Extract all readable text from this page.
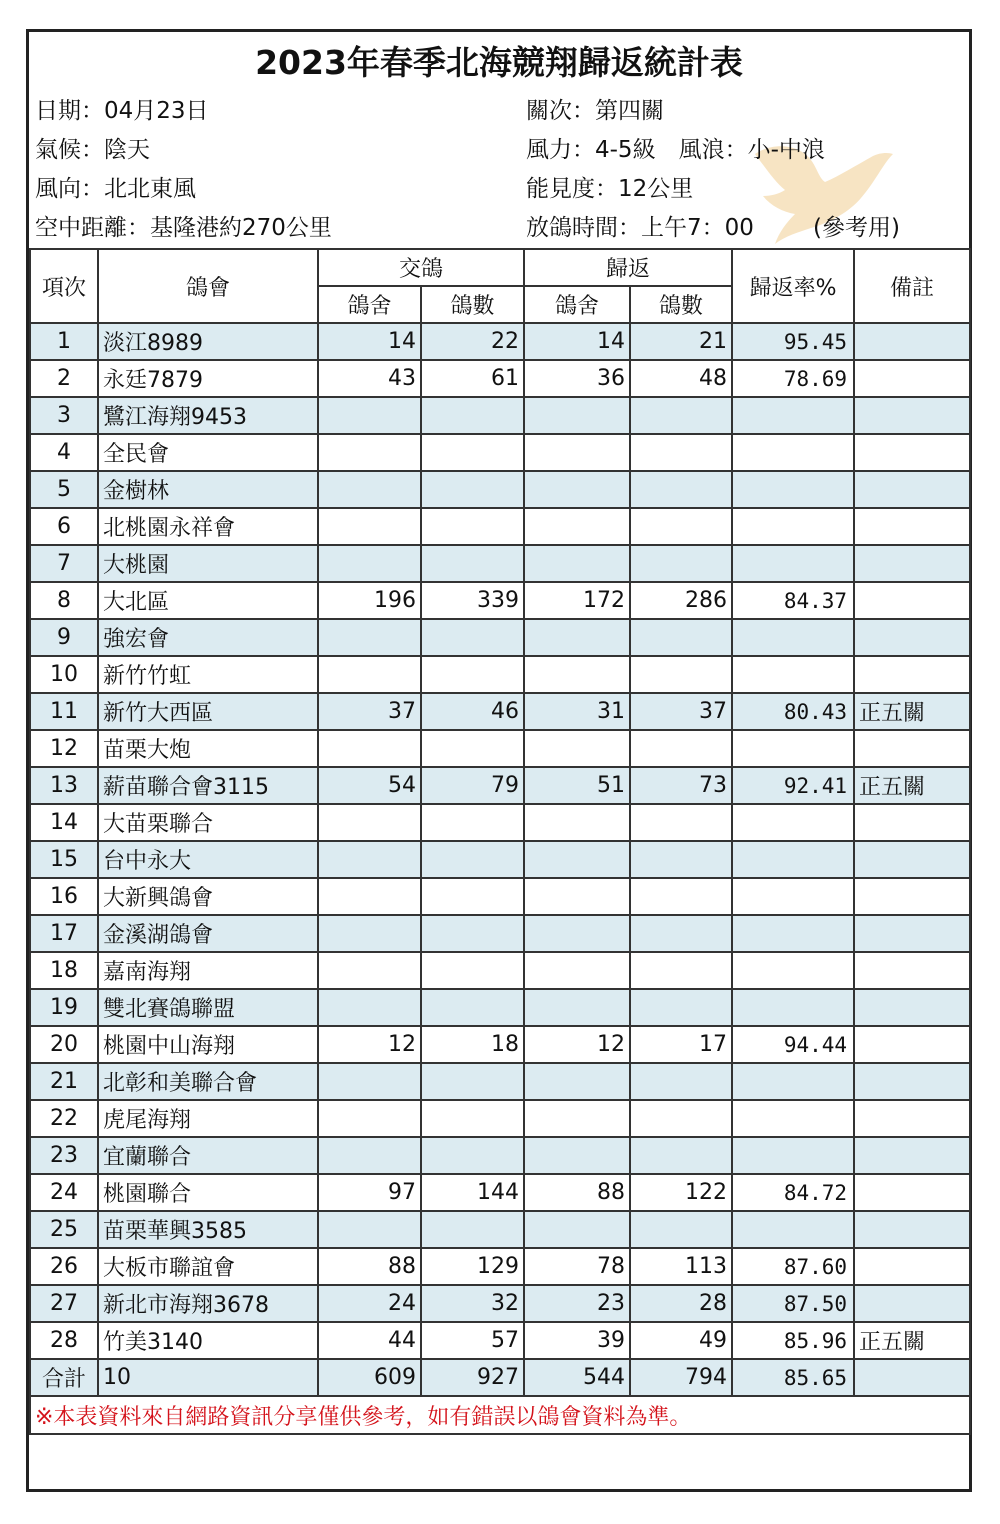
2023年春季北海競翔歸返統計表
日期：04月23日
氣候：陰天
風向：北北東風
空中距離：基隆港約270公里
關次：第四關
風力：4-5級　風浪：小-中浪
能見度：12公里
放鴿時間：上午7：00	(參考用)
項次	鴿會	交鴿		歸返		歸返率%	備註
		鴿舍	鴿數	鴿舍	鴿數		
1	淡江8989	14	22	14	21	95.45	
2	永廷7879	43	61	36	48	78.69	
3	鷺江海翔9453						
4	全民會						
5	金樹林						
6	北桃園永祥會						
7	大桃園						
8	大北區	196	339	172	286	84.37	
9	強宏會						
10	新竹竹虹						
11	新竹大西區	37	46	31	37	80.43	正五關
12	苗栗大炮						
13	薪苗聯合會3115	54	79	51	73	92.41	正五關
14	大苗栗聯合						
15	台中永大						
16	大新興鴿會						
17	金溪湖鴿會						
18	嘉南海翔						
19	雙北賽鴿聯盟						
20	桃園中山海翔	12	18	12	17	94.44	
21	北彰和美聯合會						
22	虎尾海翔						
23	宜蘭聯合						
24	桃園聯合	97	144	88	122	84.72	
25	苗栗華興3585						
26	大板市聯誼會	88	129	78	113	87.60	
27	新北市海翔3678	24	32	23	28	87.50	
28	竹美3140	44	57	39	49	85.96	正五關
合計	10	609	927	544	794	85.65	
※本表資料來自網路資訊分享僅供參考，如有錯誤以鴿會資料為準。							
